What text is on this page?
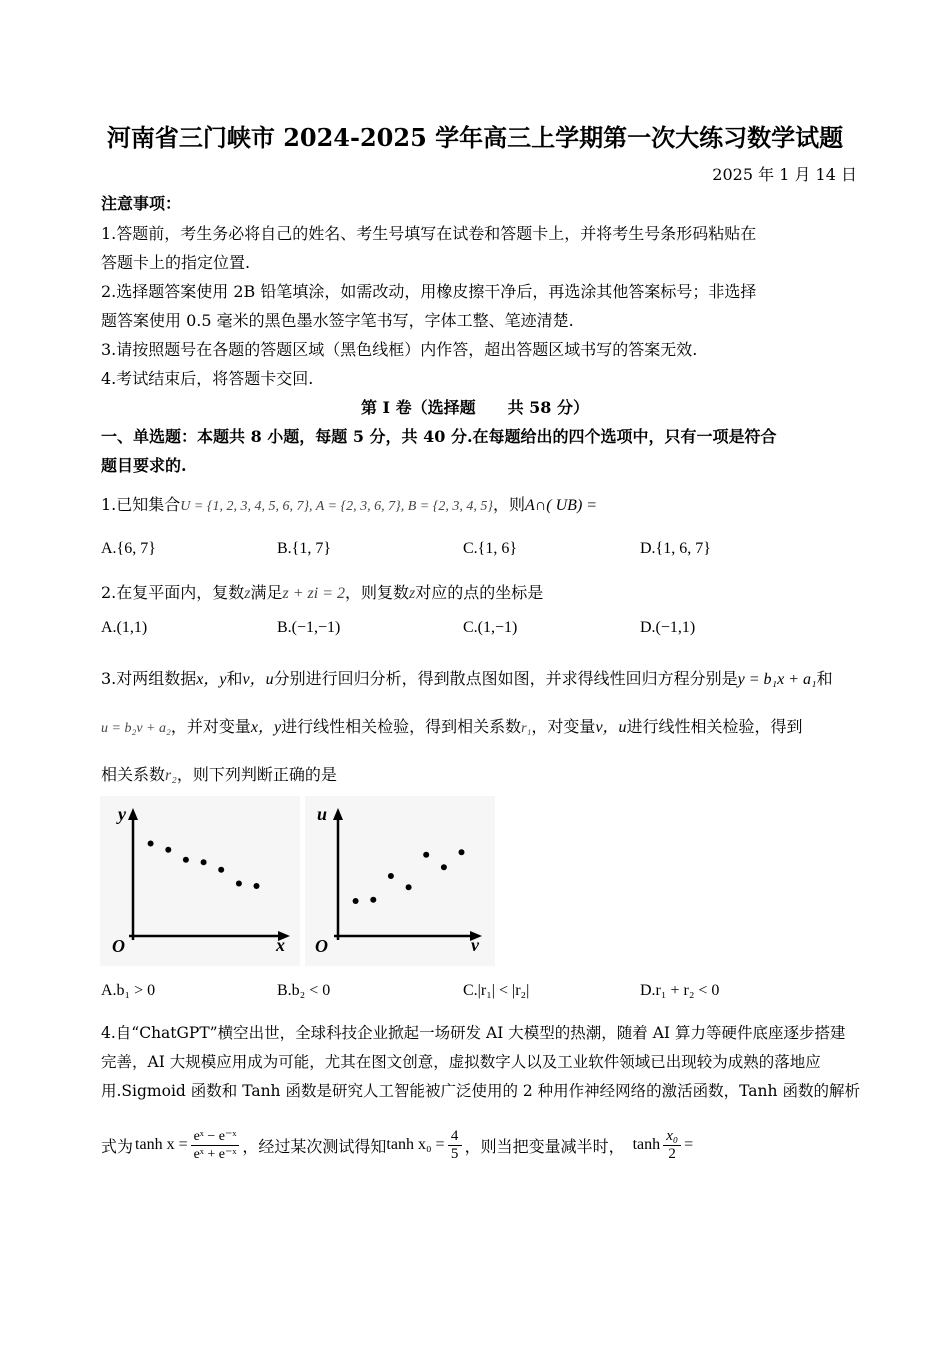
河南省三门峡市 2024-2025 学年高三上学期第一次大练习数学试题
2025 年 1 月 14 日
注意事项：
1.答题前，考生务必将自己的姓名、考生号填写在试卷和答题卡上，并将考生号条形码粘贴在
答题卡上的指定位置.
2.选择题答案使用 2B 铅笔填涂，如需改动，用橡皮擦干净后，再选涂其他答案标号；非选择
题答案使用 0.5 毫米的黑色墨水签字笔书写，字体工整、笔迹清楚.
3.请按照题号在各题的答题区域（黑色线框）内作答，超出答题区域书写的答案无效.
4.考试结束后，将答题卡交回.
第 I 卷（选择题　　共 58 分）
一、单选题：本题共 8 小题，每题 5 分，共 40 分.在每题给出的四个选项中，只有一项是符合
题目要求的.
1.已知集合U = {1, 2, 3, 4, 5, 6, 7}, A = {2, 3, 6, 7}, B = {2, 3, 4, 5}，则A∩( UB) =
A.{6, 7}	B.{1, 7}	C.{1, 6}	D.{1, 6, 7}
2.在复平面内，复数z满足z + zi = 2，则复数z对应的点的坐标是
A.(1,1)	B.(−1,−1)	C.(1,−1)	D.(−1,1)
3.对两组数据x，y和v，u分别进行回归分析，得到散点图如图，并求得线性回归方程分别是y = b₁x + a₁和
u = b₂v + a₂，并对变量x，y进行线性相关检验，得到相关系数r₁，对变量v，u进行线性相关检验，得到
相关系数r₂，则下列判断正确的是
y
x
O
u
v
O
A.b₁ > 0	B.b₂ < 0	C.|r₁| < |r₂|	D.r₁ + r₂ < 0
4.自“ChatGPT”横空出世，全球科技企业掀起一场研发 AI 大模型的热潮，随着 AI 算力等硬件底座逐步搭建
完善，AI 大规模应用成为可能，尤其在图文创意，虚拟数字人以及工业软件领域已出现较为成熟的落地应
用.Sigmoid 函数和 Tanh 函数是研究人工智能被广泛使用的 2 种用作神经网络的激活函数，Tanh 函数的解析
式为 tanh x = eˣ − e⁻ˣ
eˣ + e⁻ˣ ，经过某次测试得知 tanh x₀ =
4
5 ，则当把变量减半时， tanh
x₀
2
=
